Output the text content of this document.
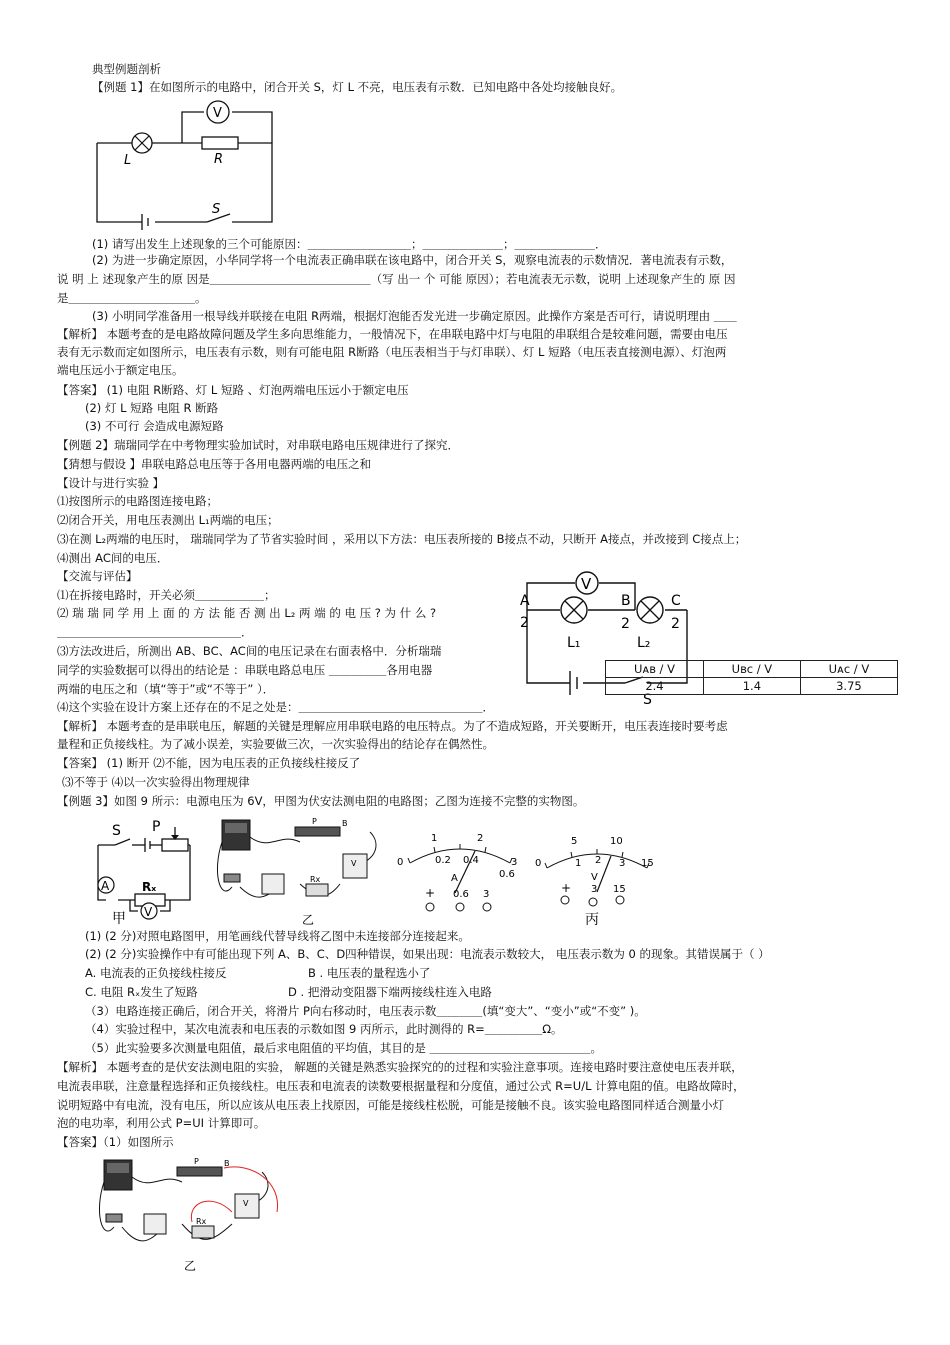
典型例题剖析
【例题 1】在如图所示的电路中，闭合开关 S，灯 L 不亮，电压表有示数．已知电路中各处均接触良好。
V
L	R
S
(1) 请写出发生上述现象的三个可能原因：＿＿＿＿＿＿＿＿＿；＿＿＿＿＿＿＿；＿＿＿＿＿＿＿．
(2) 为进一步确定原因，小华同学将一个电流表正确串联在该电路中，闭合开关 S，观察电流表的示数情况．著电流表有示数，
说 明 上 述现象产生的原 因是＿＿＿＿＿＿＿＿＿＿＿＿＿＿（写 出一 个 可能 原因）；若电流表无示数，说明 上述现象产生的 原 因
是＿＿＿＿＿＿＿＿＿＿＿。
(3) 小明同学准备用一根导线并联接在电阻 R两端，根据灯泡能否发光进一步确定原因。此操作方案是否可行，请说明理由 ＿＿
【解析】 本题考查的是电路故障问题及学生多向思维能力，一般情况下，在串联电路中灯与电阻的串联组合是较难问题，需要由电压
表有无示数而定如图所示，电压表有示数，则有可能电阻 R断路（电压表相当于与灯串联）、灯 L 短路（电压表直接测电源）、灯泡两
端电压远小于额定电压。
【答案】 (1) 电阻 R断路、灯 L 短路 、灯泡两端电压远小于额定电压
(2) 灯 L 短路 电阻 R 断路
(3) 不可行 会造成电源短路
【例题 2】瑞瑞同学在中考物理实验加试时，对串联电路电压规律进行了探究．
【猜想与假设 】串联电路总电压等于各用电器两端的电压之和
【设计与进行实验 】
⑴按图所示的电路图连接电路；
⑵闭合开关，用电压表测出 L₁两端的电压；
⑶在测 L₂两端的电压时， 瑞瑞同学为了节省实验时间 ，采用以下方法：电压表所接的 B接点不动，只断开 A接点，并改接到 C接点上；
⑷测出 AC间的电压．
【交流与评估】
⑴在拆接电路时，开关必须＿＿＿＿＿＿；
⑵ 瑞 瑞 同 学 用 上 面 的 方 法 能 否 测 出 L₂ 两 端 的 电 压 ? 为 什 么 ?
＿＿＿＿＿＿＿＿＿＿＿＿＿＿＿＿．
⑶方法改进后，所测出 AB、BC、AC间的电压记录在右面表格中．分析瑞瑞
同学的实验数据可以得出的结论是 ：串联电路总电压 ＿＿＿＿＿各用电器
两端的电压之和（填“等于”或“不等于” ）．
⑷这个实验在设计方案上还存在的不足之处是：＿＿＿＿＿＿＿＿＿＿＿＿＿＿＿＿．
V
A	B	C
2	2	2
L₁	L₂
S
Uᴀʙ / V	Uʙᴄ / V	Uᴀᴄ / V
2.4	1.4	3.75
【解析】 本题考查的是串联电压，解题的关键是理解应用串联电路的电压特点。为了不造成短路，开关要断开，电压表连接时要考虑
量程和正负接线柱。为了减小误差，实验要做三次，一次实验得出的结论存在偶然性。
【答案】 (1) 断开 ⑵不能，因为电压表的正负接线柱接反了
⑶不等于 ⑷以一次实验得出物理规律
【例题 3】如图 9 所示：电源电压为 6V，甲图为伏安法测电阻的电路图；乙图为连接不完整的实物图。
A
V
S P
Rₓ
甲
P	B
Rx
V
乙
0
1	2
3
0.2 0.4
0.6
A
0.6 3
+
0
5	10
15
1 2 3
V
3 15
+
丙
(1) (2 分)对照电路图甲，用笔画线代替导线将乙图中未连接部分连接起来。
(2) (2 分)实验操作中有可能出现下列 A、B、C、D四种错误，如果出现：电流表示数较大， 电压表示数为 0 的现象。其错误属于（ ）
A. 电流表的正负接线柱接反	B . 电压表的量程选小了
C. 电阻 Rₓ发生了短路	D . 把滑动变阻器下端两接线柱连入电路
（3）电路连接正确后，闭合开关，将滑片 P向右移动时，电压表示数＿＿＿＿(填“变大”、“变小”或“不变” )。
（4）实验过程中，某次电流表和电压表的示数如图 9 丙所示，此时测得的 R=＿＿＿＿＿Ω。
（5）此实验要多次测量电阻值，最后求电阻值的平均值，其目的是 ＿＿＿＿＿＿＿＿＿＿＿＿＿＿。
【解析】 本题考查的是伏安法测电阻的实验， 解题的关键是熟悉实验探究的的过程和实验注意事项。连接电路时要注意使电压表并联，
电流表串联，注意量程选择和正负接线柱。电压表和电流表的读数要根据量程和分度值，通过公式 R=U/L 计算电阻的值。电路故障时，
说明短路中有电流，没有电压，所以应该从电压表上找原因，可能是接线柱松脱，可能是接触不良。该实验电路图同样适合测量小灯
泡的电功率，利用公式 P=UI 计算即可。
【答案】（1）如图所示
P	B
Rx
V
乙
